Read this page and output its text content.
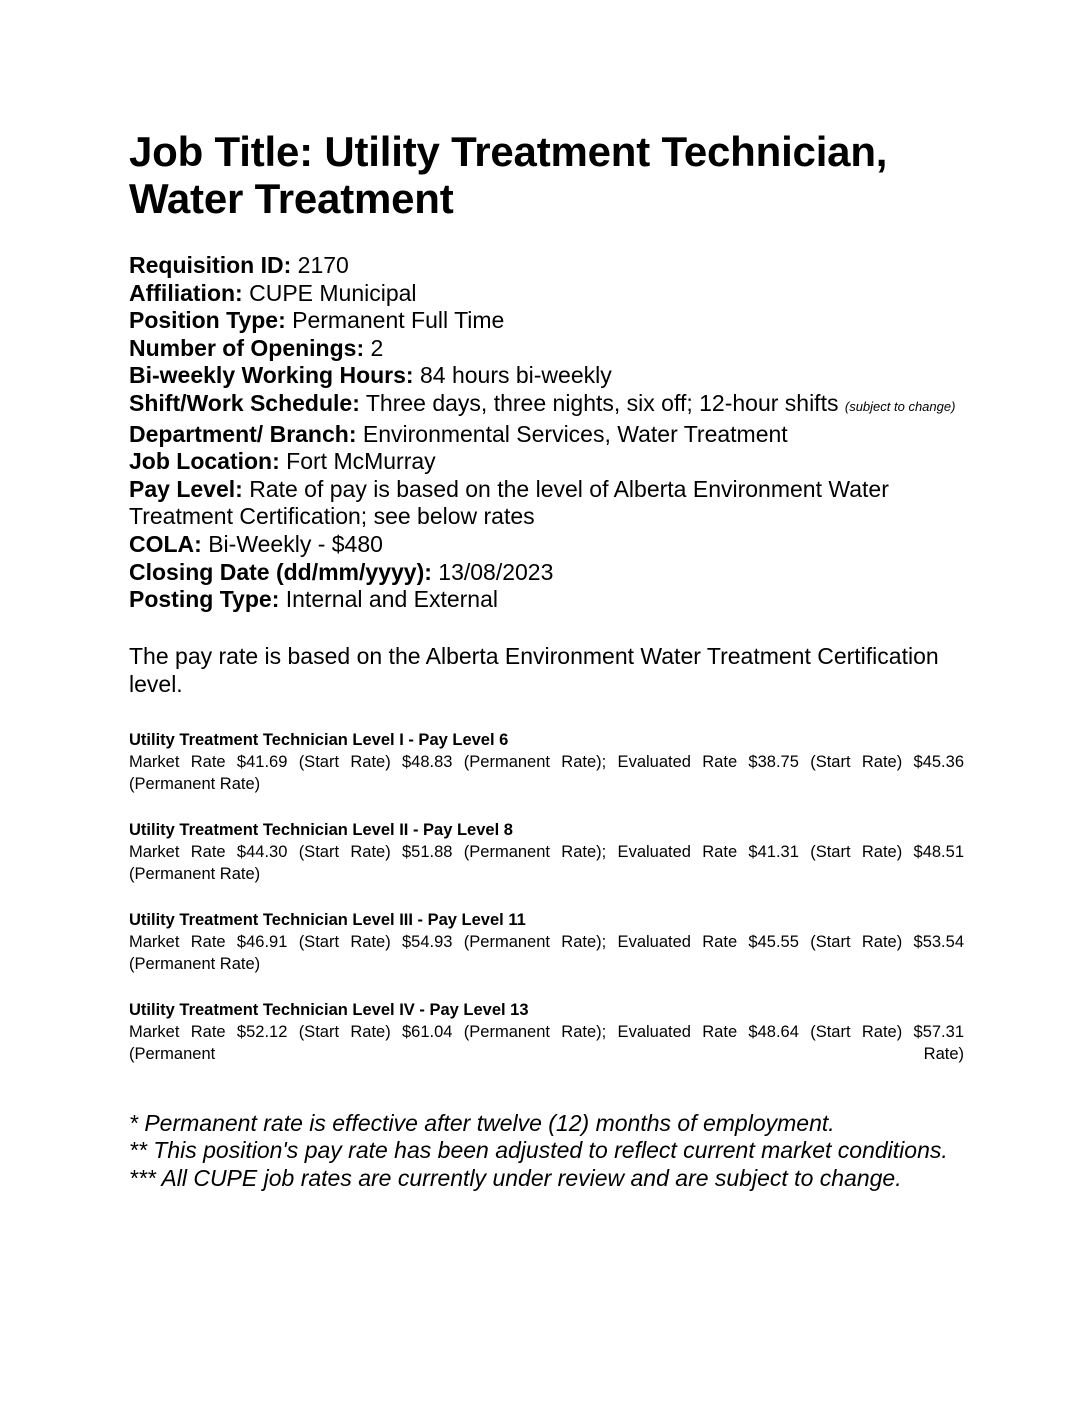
Job Title: Utility Treatment Technician, Water Treatment
Requisition ID: 2170
Affiliation: CUPE Municipal
Position Type: Permanent Full Time
Number of Openings: 2
Bi-weekly Working Hours: 84 hours bi-weekly
Shift/Work Schedule: Three days, three nights, six off; 12-hour shifts (subject to change)
Department/ Branch: Environmental Services, Water Treatment
Job Location: Fort McMurray
Pay Level: Rate of pay is based on the level of Alberta Environment Water Treatment Certification; see below rates
COLA: Bi-Weekly - $480
Closing Date (dd/mm/yyyy): 13/08/2023
Posting Type: Internal and External
The pay rate is based on the Alberta Environment Water Treatment Certification level.
Utility Treatment Technician Level I - Pay Level 6
Market Rate $41.69 (Start Rate) $48.83 (Permanent Rate); Evaluated Rate $38.75 (Start Rate) $45.36 (Permanent Rate)
Utility Treatment Technician Level II - Pay Level 8
Market Rate $44.30 (Start Rate) $51.88 (Permanent Rate); Evaluated Rate $41.31 (Start Rate) $48.51 (Permanent Rate)
Utility Treatment Technician Level III - Pay Level 11
Market Rate $46.91 (Start Rate) $54.93 (Permanent Rate); Evaluated Rate $45.55 (Start Rate) $53.54 (Permanent Rate)
Utility Treatment Technician Level IV - Pay Level 13
Market Rate $52.12 (Start Rate) $61.04 (Permanent Rate); Evaluated Rate $48.64 (Start Rate) $57.31 (Permanent Rate)
* Permanent rate is effective after twelve (12) months of employment.
** This position's pay rate has been adjusted to reflect current market conditions.
*** All CUPE job rates are currently under review and are subject to change.
